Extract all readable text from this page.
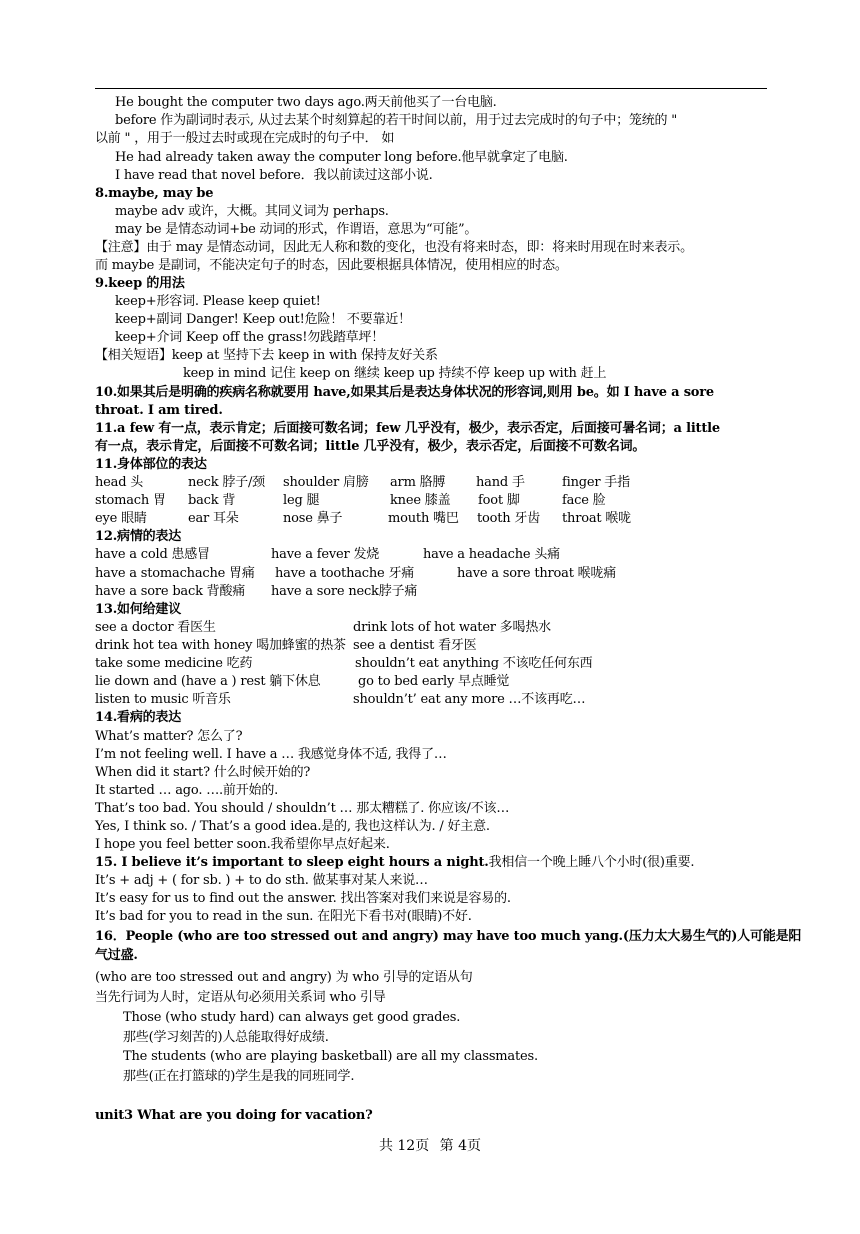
He bought the computer two days ago.两天前他买了一台电脑.
before 作为副词时表示, 从过去某个时刻算起的若干时间以前，用于过去完成时的句子中；笼统的 "
以前 " ，用于一般过去时或现在完成时的句子中． 如
He had already taken away the computer long before.他早就拿定了电脑.
I have read that novel before．我以前读过这部小说.
8.maybe, may be
maybe adv 或许，大概。其同义词为 perhaps.
may be 是情态动词+be 动词的形式，作谓语，意思为“可能”。
【注意】由于 may 是情态动词，因此无人称和数的变化，也没有将来时态，即：将来时用现在时来表示。
而 maybe 是副词，不能决定句子的时态，因此要根据具体情况，使用相应的时态。
9.keep 的用法
keep+形容词. Please keep quiet!
keep+副词 Danger! Keep out!危险！ 不要靠近！
keep+介词 Keep off the grass!勿践踏草坪！
【相关短语】keep at 坚持下去 keep in with 保持友好关系
keep in mind 记住 keep on 继续 keep up 持续不停 keep up with 赶上
10.如果其后是明确的疾病名称就要用 have,如果其后是表达身体状况的形容词,则用 be。如 I have a sore
throat. I am tired.
11.a few 有一点，表示肯定；后面接可数名词；few 几乎没有，极少，表示否定，后面接可暑名词；a little
有一点，表示肯定，后面接不可数名词；little 几乎没有，极少，表示否定，后面接不可数名词。
11.身体部位的表达
head 头	neck 脖子/颈 shoulder 肩膀 arm 胳膊 hand 手	finger 手指
stomach 胃 back 背	leg 腿	knee 膝盖 foot 脚	face 脸
eye 眼睛	ear 耳朵	nose 鼻子	mouth 嘴巴 tooth 牙齿 throat 喉咙
12.病情的表达
have a cold 患感冒	have a fever 发烧	have a headache 头痛
have a stomachache 胃痛 have a toothache 牙痛	have a sore throat 喉咙痛
have a sore back 背酸痛 have a sore neck脖子痛
13.如何给建议
see a doctor 看医生	drink lots of hot water 多喝热水
drink hot tea with honey 喝加蜂蜜的热茶 see a dentist 看牙医
take some medicine 吃药	shouldn’t eat anything 不该吃任何东西
lie down and (have a ) rest 躺下休息	go to bed early 早点睡觉
listen to music 听音乐	shouldn’t’ eat any more …不该再吃…
14.看病的表达
What’s matter? 怎么了?
I’m not feeling well. I have a … 我感觉身体不适, 我得了…
When did it start? 什么时候开始的?
It started … ago. ….前开始的.
That’s too bad. You should / shouldn’t … 那太糟糕了. 你应该/不该…
Yes, I think so. / That’s a good idea.是的, 我也这样认为. / 好主意.
I hope you feel better soon.我希望你早点好起来.
15. I believe it’s important to sleep eight hours a night.我相信一个晚上睡八个小时(很)重要.
It’s + adj + ( for sb. ) + to do sth. 做某事对某人来说…
It’s easy for us to find out the answer. 找出答案对我们来说是容易的.
It’s bad for you to read in the sun. 在阳光下看书对(眼睛)不好.
16．People (who are too stressed out and angry) may have too much yang.(压力太大易生气的)人可能是阳
气过盛.
(who are too stressed out and angry) 为 who 引导的定语从句
当先行词为人时，定语从句必须用关系词 who 引导
Those (who study hard) can always get good grades.
那些(学习刻苦的)人总能取得好成绩.
The students (who are playing basketball) are all my classmates.
那些(正在打篮球的)学生是我的同班同学.
unit3 What are you doing for vacation?
共 12页 第 4页
